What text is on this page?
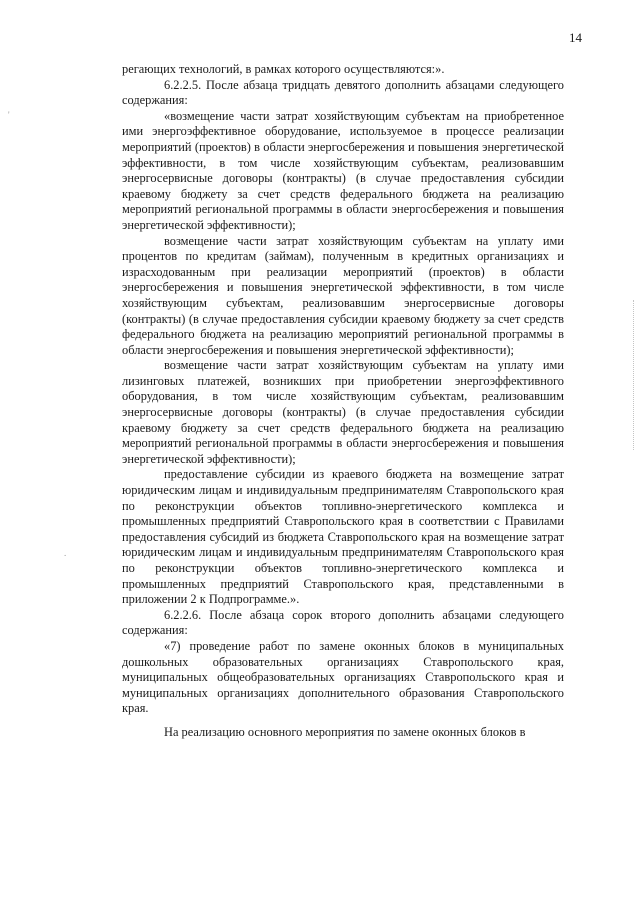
14

регающих технологий, в рамках которого осуществляются:».

6.2.2.5. После абзаца тридцать девятого дополнить абзацами следующего содержания:

«возмещение части затрат хозяйствующим субъектам на приобретенное ими энергоэффективное оборудование, используемое в процессе реализации мероприятий (проектов) в области энергосбережения и повышения энергетической эффективности, в том числе хозяйствующим субъектам, реализовавшим энергосервисные договоры (контракты) (в случае предоставления субсидии краевому бюджету за счет средств федерального бюджета на реализацию мероприятий региональной программы в области энергосбережения и повышения энергетической эффективности);

возмещение части затрат хозяйствующим субъектам на уплату ими процентов по кредитам (займам), полученным в кредитных организациях и израсходованным при реализации мероприятий (проектов) в области энергосбережения и повышения энергетической эффективности, в том числе хозяйствующим субъектам, реализовавшим энергосервисные договоры (контракты) (в случае предоставления субсидии краевому бюджету за счет средств федерального бюджета на реализацию мероприятий региональной программы в области энергосбережения и повышения энергетической эффективности);

возмещение части затрат хозяйствующим субъектам на уплату ими лизинговых платежей, возникших при приобретении энергоэффективного оборудования, в том числе хозяйствующим субъектам, реализовавшим энергосервисные договоры (контракты) (в случае предоставления субсидии краевому бюджету за счет средств федерального бюджета на реализацию мероприятий региональной программы в области энергосбережения и повышения энергетической эффективности);

предоставление субсидии из краевого бюджета на возмещение затрат юридическим лицам и индивидуальным предпринимателям Ставропольского края по реконструкции объектов топливно-энергетического комплекса и промышленных предприятий Ставропольского края в соответствии с Правилами предоставления субсидий из бюджета Ставропольского края на возмещение затрат юридическим лицам и индивидуальным предпринимателям Ставропольского края по реконструкции объектов топливно-энергетического комплекса и промышленных предприятий Ставропольского края, представленными в приложении 2 к Подпрограмме.».

6.2.2.6. После абзаца сорок второго дополнить абзацами следующего содержания:

«7) проведение работ по замене оконных блоков в муниципальных дошкольных образовательных организациях Ставропольского края, муниципальных общеобразовательных организациях Ставропольского края и муниципальных организациях дополнительного образования Ставропольского края.

На реализацию основного мероприятия по замене оконных блоков в

'
.
